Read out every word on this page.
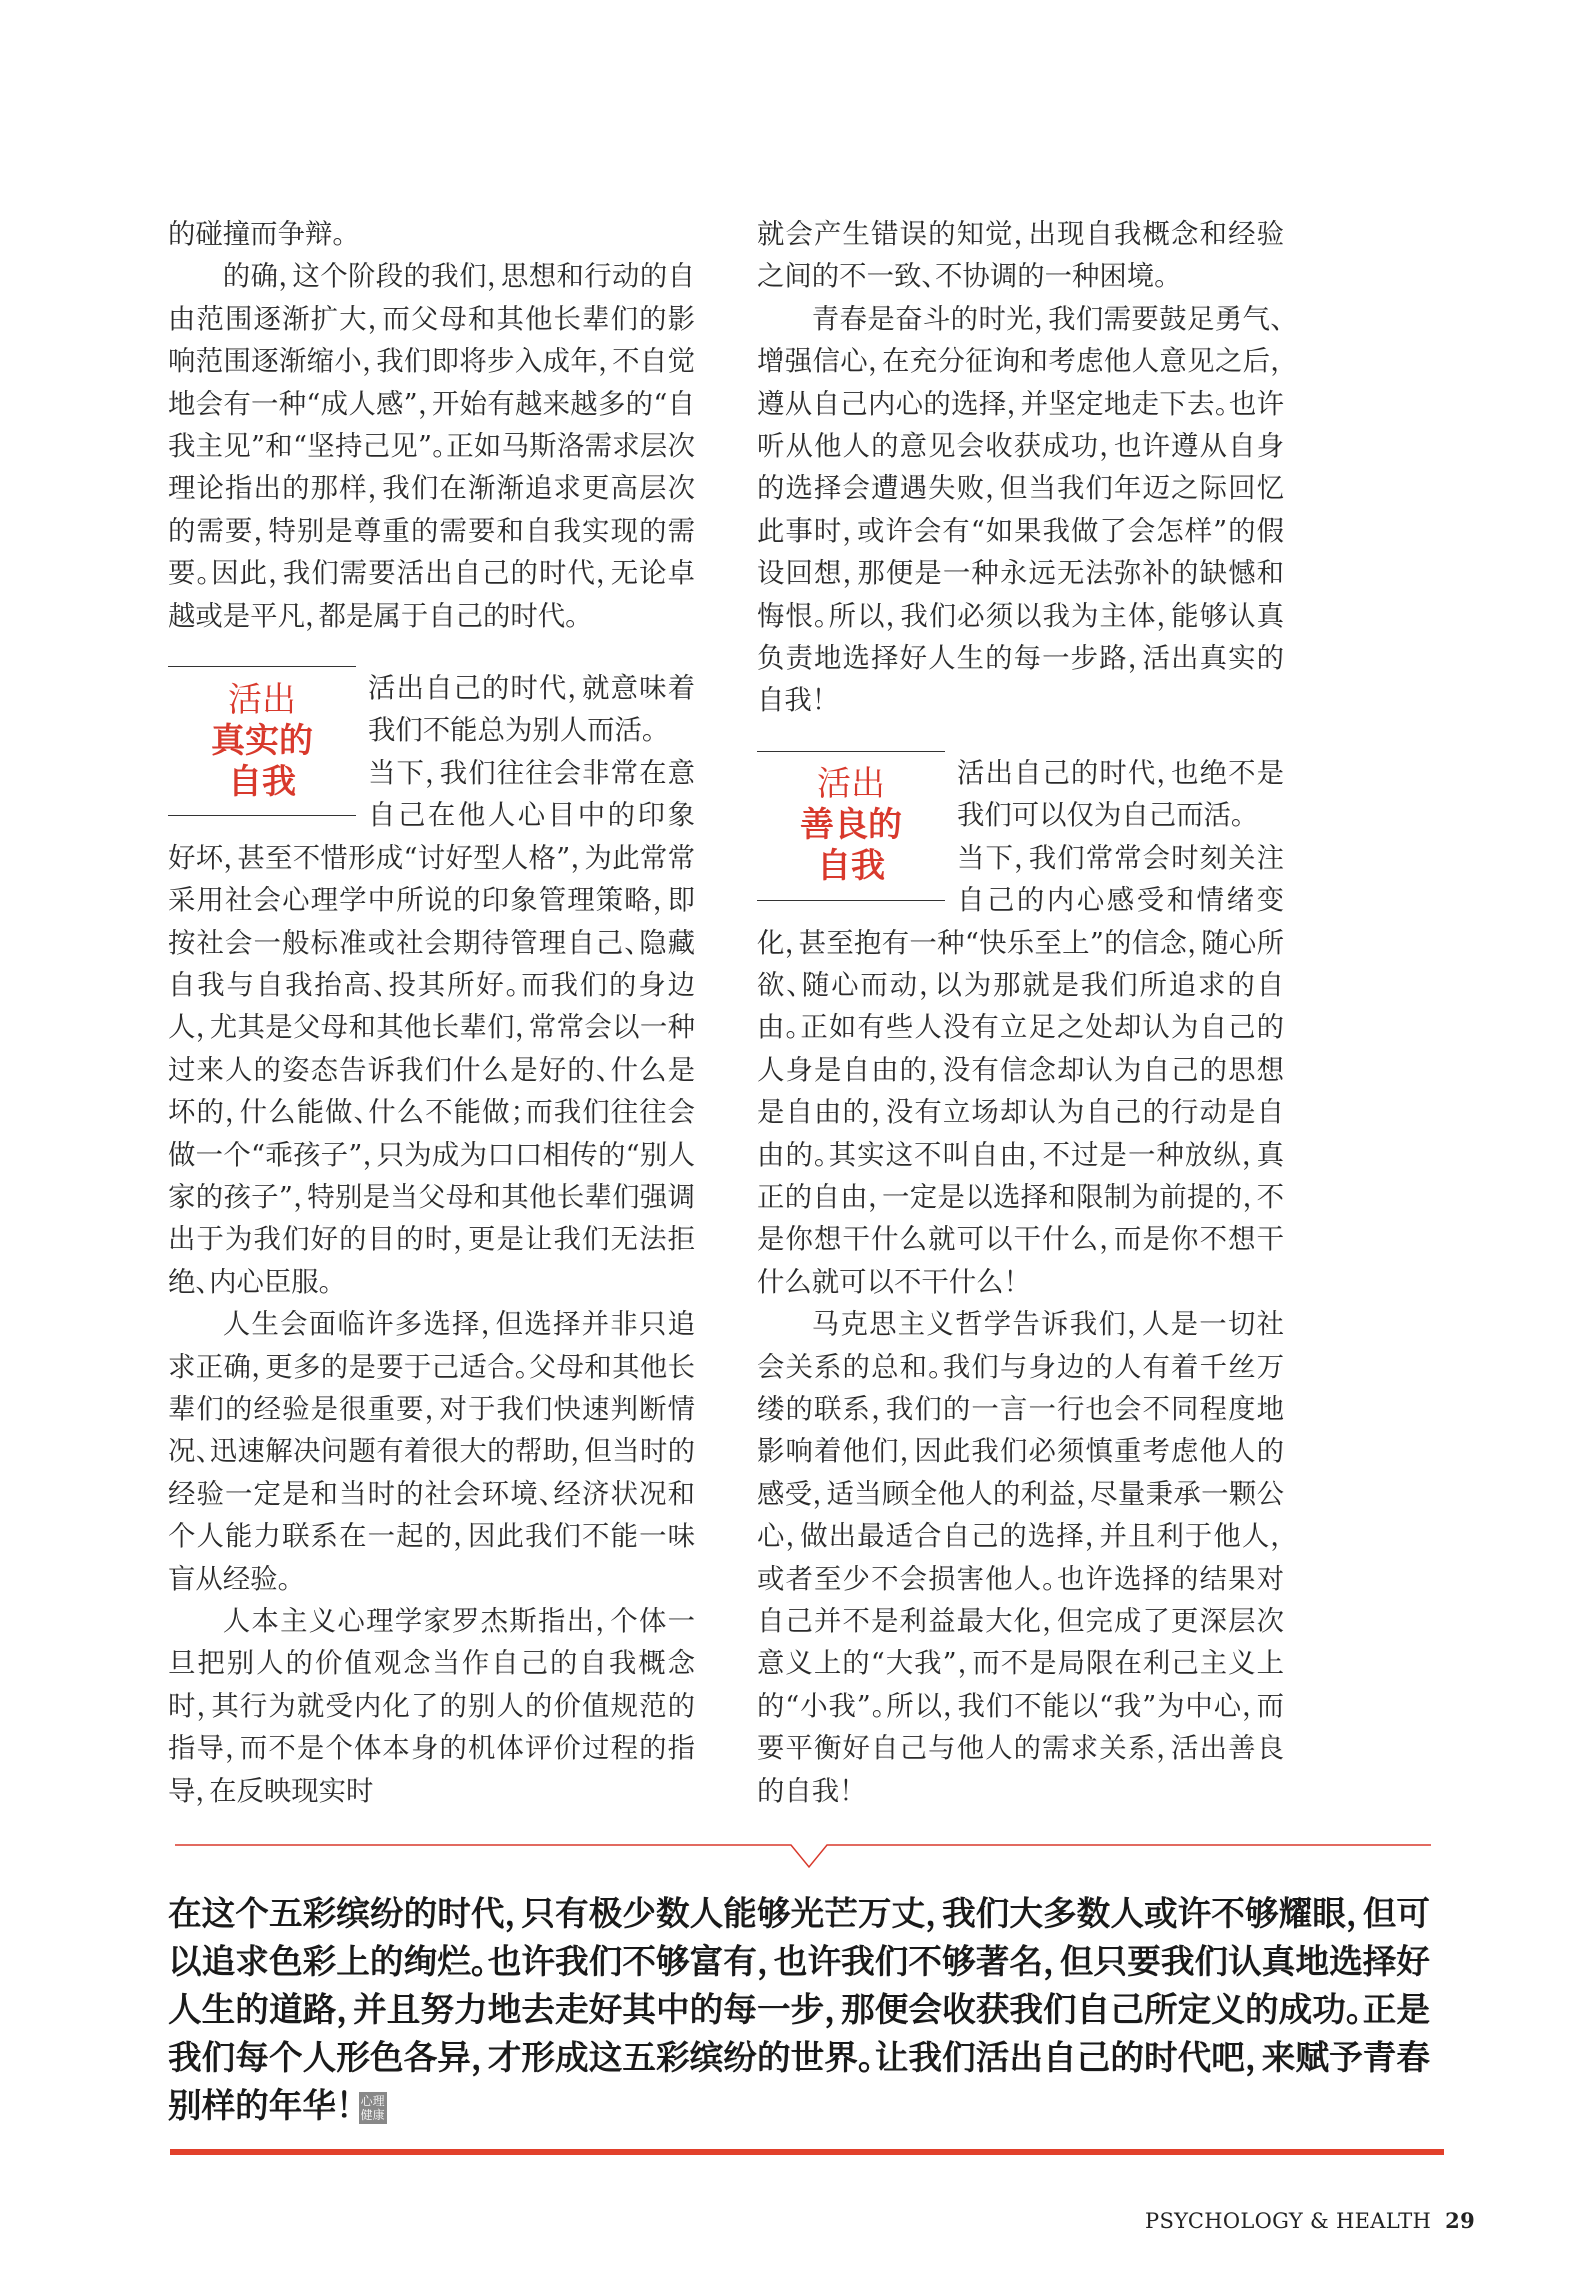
的碰撞而争辩。

的确，这个阶段的我们，思想和行动的自由范围逐渐扩大，而父母和其他长辈们的影响范围逐渐缩小，我们即将步入成年，不自觉地会有一种“成人感”，开始有越来越多的“自我主见”和“坚持己见”。正如马斯洛需求层次理论指出的那样，我们在渐渐追求更高层次的需要，特别是尊重的需要和自我实现的需要。因此，我们需要活出自己的时代，无论卓越或是平凡，都是属于自己的时代。

活出
真实的
自我

活出自己的时代，就意味着我们不能总为别人而活。

当下，我们往往会非常在意自己在他人心目中的印象好坏，甚至不惜形成“讨好型人格”，为此常常采用社会心理学中所说的印象管理策略，即按社会一般标准或社会期待管理自己、隐藏自我与自我抬高、投其所好。而我们的身边人，尤其是父母和其他长辈们，常常会以一种过来人的姿态告诉我们什么是好的、什么是坏的，什么能做、什么不能做；而我们往往会做一个“乖孩子”，只为成为口口相传的“别人家的孩子”，特别是当父母和其他长辈们强调出于为我们好的目的时，更是让我们无法拒绝、内心臣服。

人生会面临许多选择，但选择并非只追求正确，更多的是要于己适合。父母和其他长辈们的经验是很重要，对于我们快速判断情况、迅速解决问题有着很大的帮助，但当时的经验一定是和当时的社会环境、经济状况和个人能力联系在一起的，因此我们不能一味盲从经验。

人本主义心理学家罗杰斯指出，个体一旦把别人的价值观念当作自己的自我概念时，其行为就受内化了的别人的价值规范的指导，而不是个体本身的机体评价过程的指导，在反映现实时

就会产生错误的知觉，出现自我概念和经验之间的不一致、不协调的一种困境。

青春是奋斗的时光，我们需要鼓足勇气、增强信心，在充分征询和考虑他人意见之后，遵从自己内心的选择，并坚定地走下去。也许听从他人的意见会收获成功，也许遵从自身的选择会遭遇失败，但当我们年迈之际回忆此事时，或许会有“如果我做了会怎样”的假设回想，那便是一种永远无法弥补的缺憾和悔恨。所以，我们必须以我为主体，能够认真负责地选择好人生的每一步路，活出真实的自我！

活出
善良的
自我

活出自己的时代，也绝不是我们可以仅为自己而活。

当下，我们常常会时刻关注自己的内心感受和情绪变化，甚至抱有一种“快乐至上”的信念，随心所欲、随心而动，以为那就是我们所追求的自由。正如有些人没有立足之处却认为自己的人身是自由的，没有信念却认为自己的思想是自由的，没有立场却认为自己的行动是自由的。其实这不叫自由，不过是一种放纵，真正的自由，一定是以选择和限制为前提的，不是你想干什么就可以干什么，而是你不想干什么就可以不干什么！

马克思主义哲学告诉我们，人是一切社会关系的总和。我们与身边的人有着千丝万缕的联系，我们的一言一行也会不同程度地影响着他们，因此我们必须慎重考虑他人的感受，适当顾全他人的利益，尽量秉承一颗公心，做出最适合自己的选择，并且利于他人，或者至少不会损害他人。也许选择的结果对自己并不是利益最大化，但完成了更深层次意义上的“大我”，而不是局限在利己主义上的“小我”。所以，我们不能以“我”为中心，而要平衡好自己与他人的需求关系，活出善良的自我！

在这个五彩缤纷的时代，只有极少数人能够光芒万丈，我们大多数人或许不够耀眼，但可以追求色彩上的绚烂。也许我们不够富有，也许我们不够著名，但只要我们认真地选择好人生的道路，并且努力地去走好其中的每一步，那便会收获我们自己所定义的成功。正是我们每个人形色各异，才形成这五彩缤纷的世界。让我们活出自己的时代吧，来赋予青春别样的年华！ 心理健康
PSYCHOLOGY & HEALTH 29
